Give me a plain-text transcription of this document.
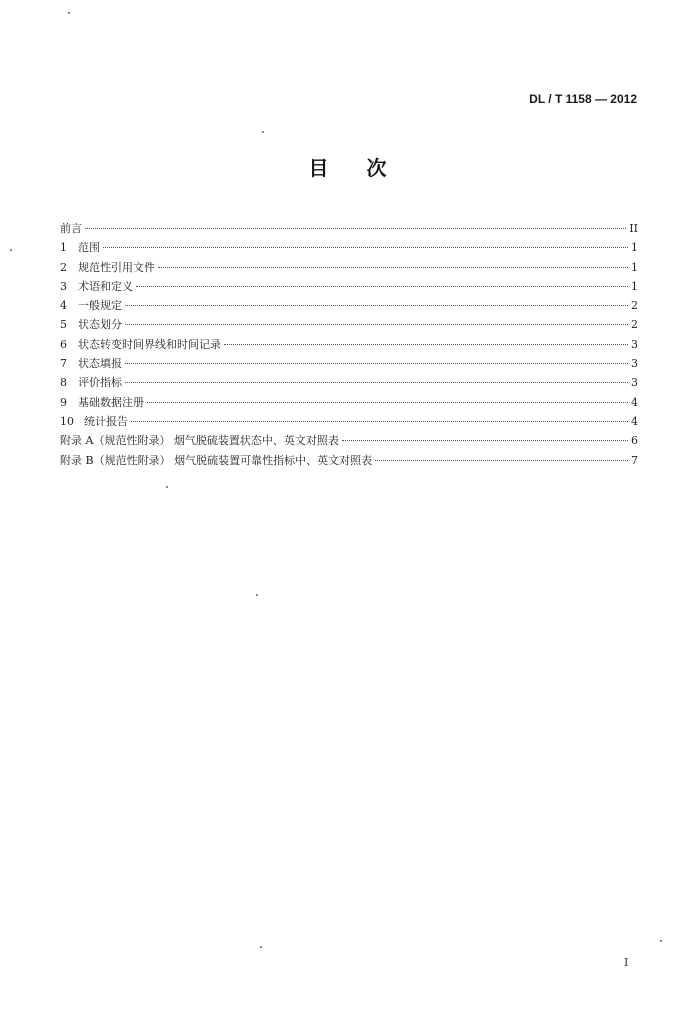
DL / T 1158 — 2012
目次
前言	II
1	范围	1
2	规范性引用文件	1
3	术语和定义	1
4	一般规定	2
5	状态划分	2
6	状态转变时间界线和时间记录	3
7	状态填报	3
8	评价指标	3
9	基础数据注册	4
10 统计报告	4
附录 A（规范性附录） 烟气脱硫装置状态中、英文对照表	6
附录 B（规范性附录） 烟气脱硫装置可靠性指标中、英文对照表	7
I
